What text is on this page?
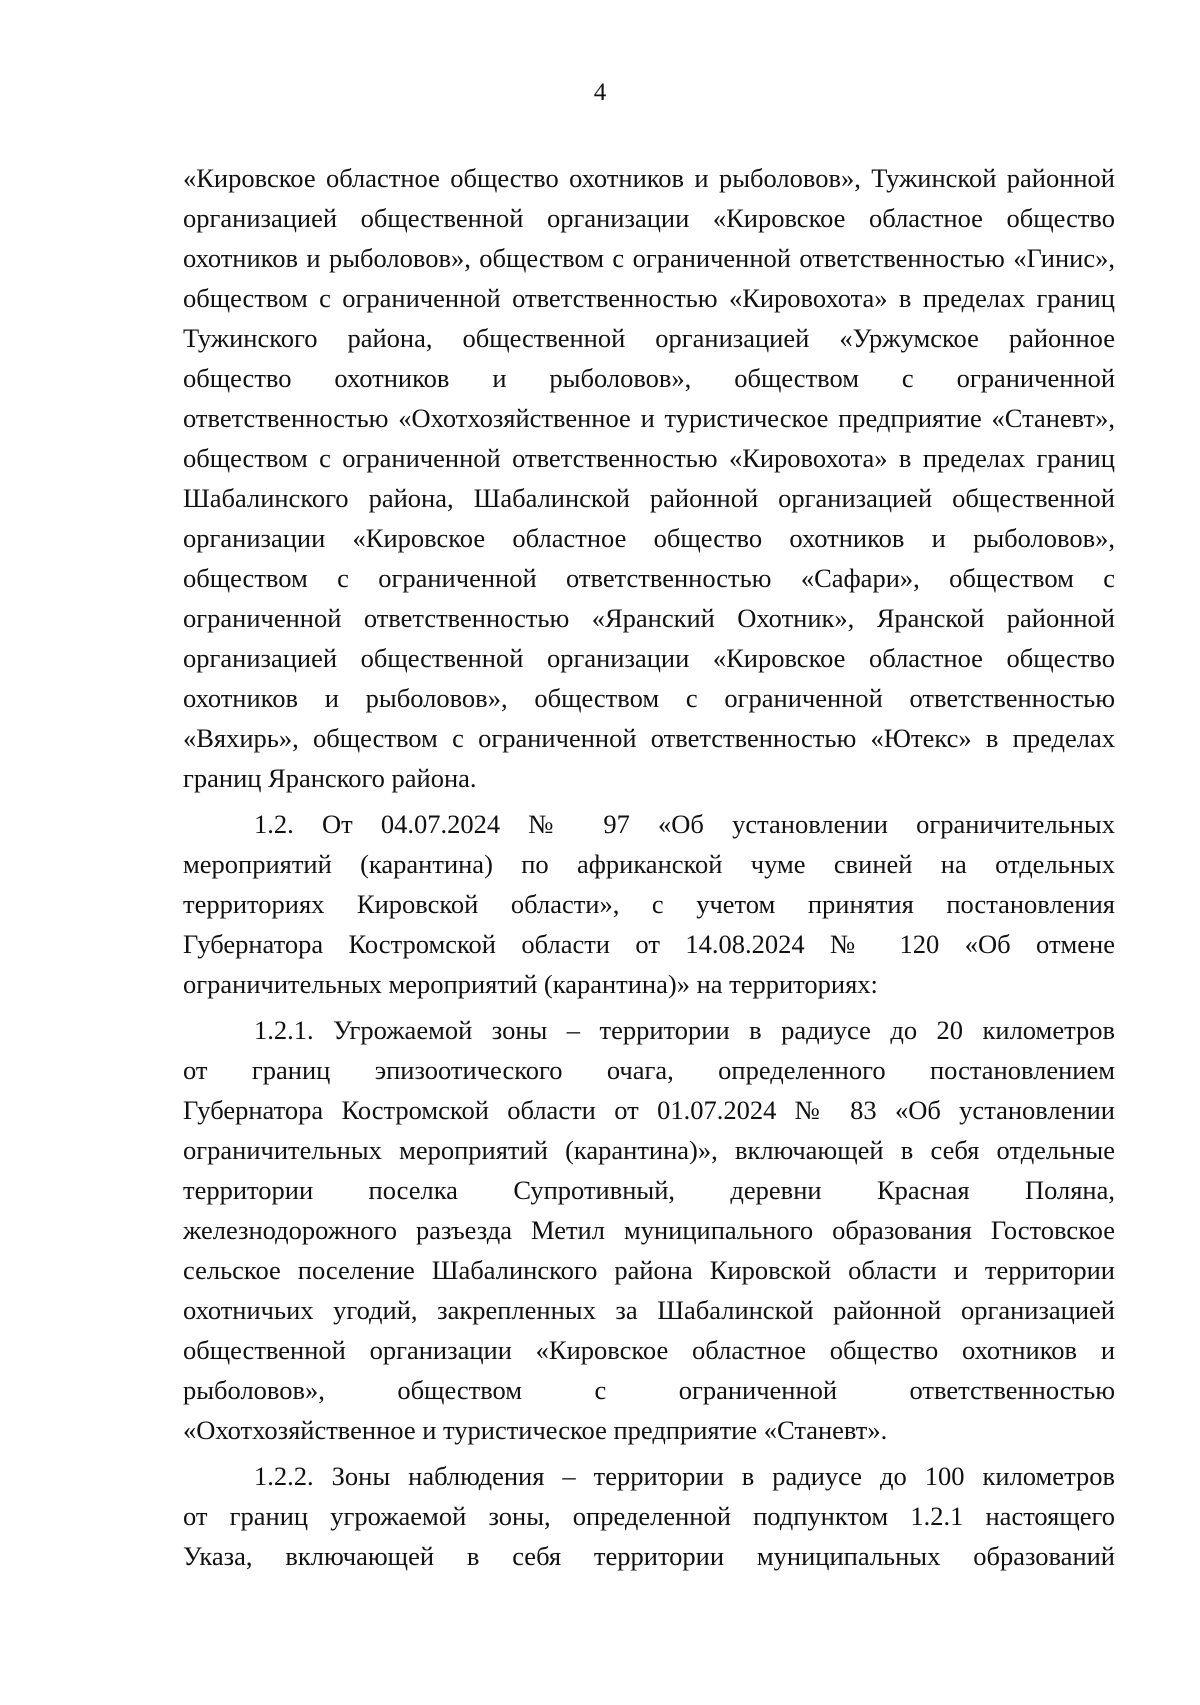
4
«Кировское областное общество охотников и рыболовов», Тужинской районной
организацией общественной организации «Кировское областное общество
охотников и рыболовов», обществом с ограниченной ответственностью «Гинис»,
обществом с ограниченной ответственностью «Кировохота» в пределах границ
Тужинского района, общественной организацией «Уржумское районное
общество охотников и рыболовов», обществом с ограниченной
ответственностью «Охотхозяйственное и туристическое предприятие «Станевт»,
обществом с ограниченной ответственностью «Кировохота» в пределах границ
Шабалинского района, Шабалинской районной организацией общественной
организации «Кировское областное общество охотников и рыболовов»,
обществом с ограниченной ответственностью «Сафари», обществом с
ограниченной ответственностью «Яранский Охотник», Яранской районной
организацией общественной организации «Кировское областное общество
охотников и рыболовов», обществом с ограниченной ответственностью
«Вяхирь», обществом с ограниченной ответственностью «Ютекс» в пределах
границ Яранского района.
1.2. От 04.07.2024 № 97 «Об установлении ограничительных
мероприятий (карантина) по африканской чуме свиней на отдельных
территориях Кировской области», с учетом принятия постановления
Губернатора Костромской области от 14.08.2024 № 120 «Об отмене
ограничительных мероприятий (карантина)» на территориях:
1.2.1. Угрожаемой зоны – территории в радиусе до 20 километров
от границ эпизоотического очага, определенного постановлением
Губернатора Костромской области от 01.07.2024 № 83 «Об установлении
ограничительных мероприятий (карантина)», включающей в себя отдельные
территории поселка Супротивный, деревни Красная Поляна,
железнодорожного разъезда Метил муниципального образования Гостовское
сельское поселение Шабалинского района Кировской области и территории
охотничьих угодий, закрепленных за Шабалинской районной организацией
общественной организации «Кировское областное общество охотников и
рыболовов», обществом с ограниченной ответственностью
«Охотхозяйственное и туристическое предприятие «Станевт».
1.2.2. Зоны наблюдения – территории в радиусе до 100 километров
от границ угрожаемой зоны, определенной подпунктом 1.2.1 настоящего
Указа, включающей в себя территории муниципальных образований
